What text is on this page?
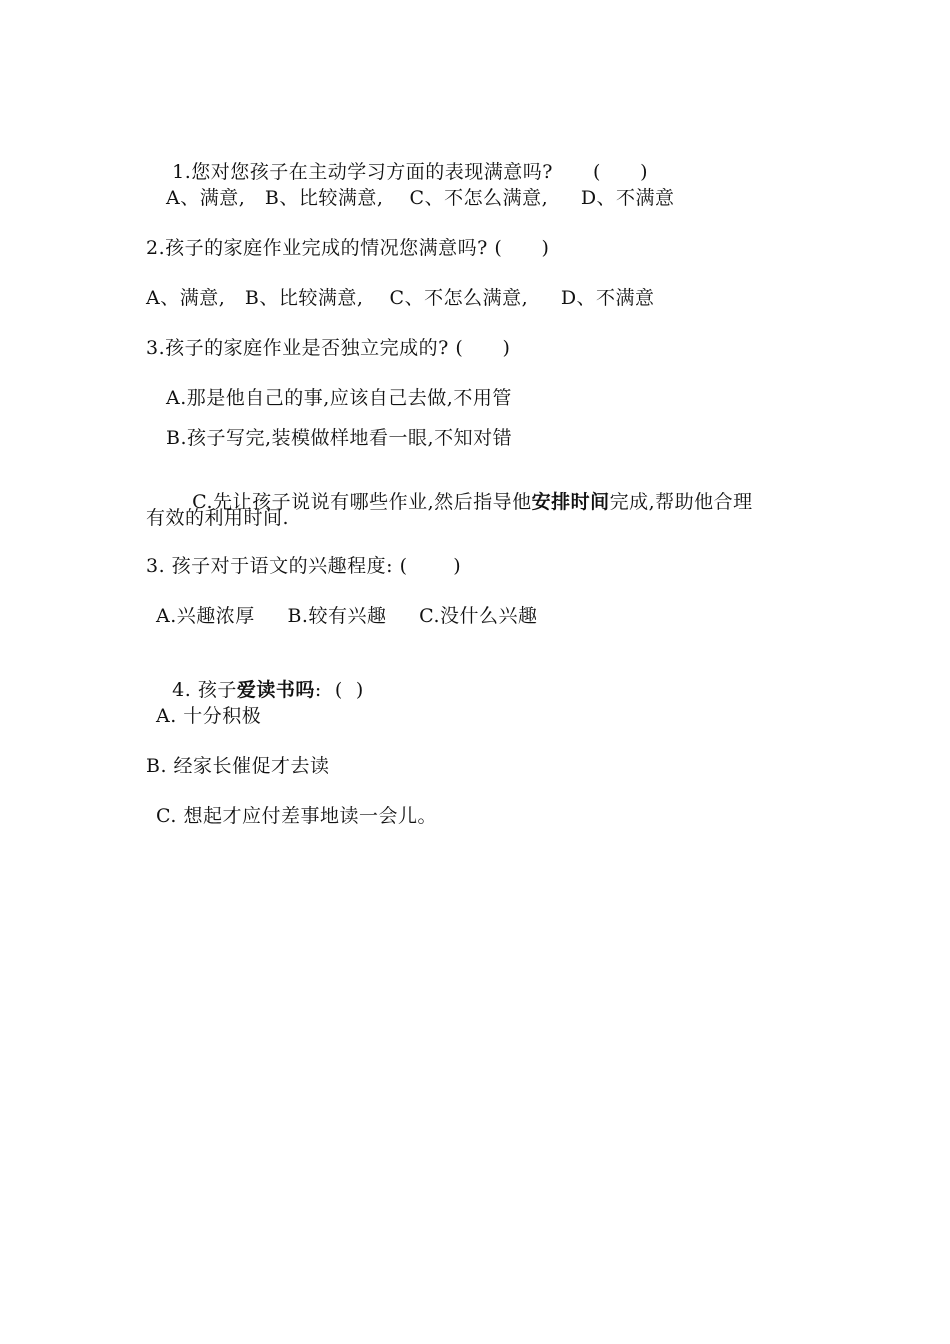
1.您对您孩子在主动学习方面的表现满意吗? (      )

A、满意,   B、比较满意,    C、不怎么满意,     D、不满意
2.孩子的家庭作业完成的情况您满意吗? (      )
A、满意,   B、比较满意,    C、不怎么满意,     D、不满意
3.孩子的家庭作业是否独立完成的? (      )
A.那是他自己的事,应该自己去做,不用管
B.孩子写完,装模做样地看一眼,不知对错

C.先让孩子说说有哪些作业,然后指导他安排时间完成,帮助他合理

有效的利用时间.
3. 孩子对于语文的兴趣程度: (       )
A.兴趣浓厚     B.较有兴趣     C.没什么兴趣

4. 孩子爱读书吗:  (  )

A. 十分积极
B. 经家长催促才去读
C. 想起才应付差事地读一会儿。
